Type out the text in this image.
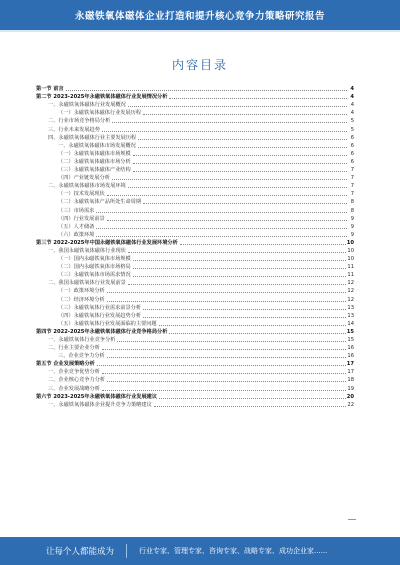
永磁铁氧体磁体企业打造和提升核心竞争力策略研究报告
内容目录
第一节 前言	4
第二节 2023-2025年永磁铁氧体磁体行业发展情况分析	4
一、永磁铁氧体磁体行业发展概况	4
（一）永磁铁氧体磁体行业发展历程	4
二、行业市场竞争格局分析	5
三、行业未来发展趋势	5
四、永磁铁氧体磁体行业主要发展历程	6
一、永磁铁氧体磁体市场发展概况	6
（一）永磁铁氧体磁体市场规模	6
（二）永磁铁氧体磁体市场分析	6
（三）永磁铁氧体磁体产业结构	7
（四）产业链发展分析	7
二、永磁铁氧体磁体市场发展环境	7
（一）技术发展现状	7
（二）永磁铁氧体产品所处生命周期	8
（三）市场需求	8
（四）行业发展前景	9
（五）人才储备	9
（六）政策环境	9
第三节 2022-2025年中国永磁铁氧体磁体行业发展环境分析	10
一、我国永磁铁氧体磁体行业现状	10
（一）国内永磁铁氧体市场规模	10
（二）国内永磁铁氧体市场格局	11
（三）永磁铁氧体市场需求情况	11
二、我国永磁铁氧体行业发展前景	12
（一）政策环境分析	12
（二）经济环境分析	12
（三）永磁铁氧体行业需求前景分析	13
（四）永磁铁氧体行业发展趋势分析	13
（五）永磁铁氧体行业发展面临的主要问题	14
第四节 2022-2025年永磁铁氧体磁体行业竞争格局分析	15
一、永磁铁氧体行业竞争分析	15
二、行业主要企业分析	16
三、企业竞争力分析	16
第五节 企业发展策略分析	17
一、企业竞争优势分析	17
二、企业核心竞争力分析	18
三、企业发展战略分析	19
第六节 2023-2025年永磁铁氧体磁体行业发展建议	20
一、永磁铁氧体磁体企业提升竞争力策略建议	22
让每个人都能成为	行业专家、管理专家、咨询专家、战略专家、成功企业家......
